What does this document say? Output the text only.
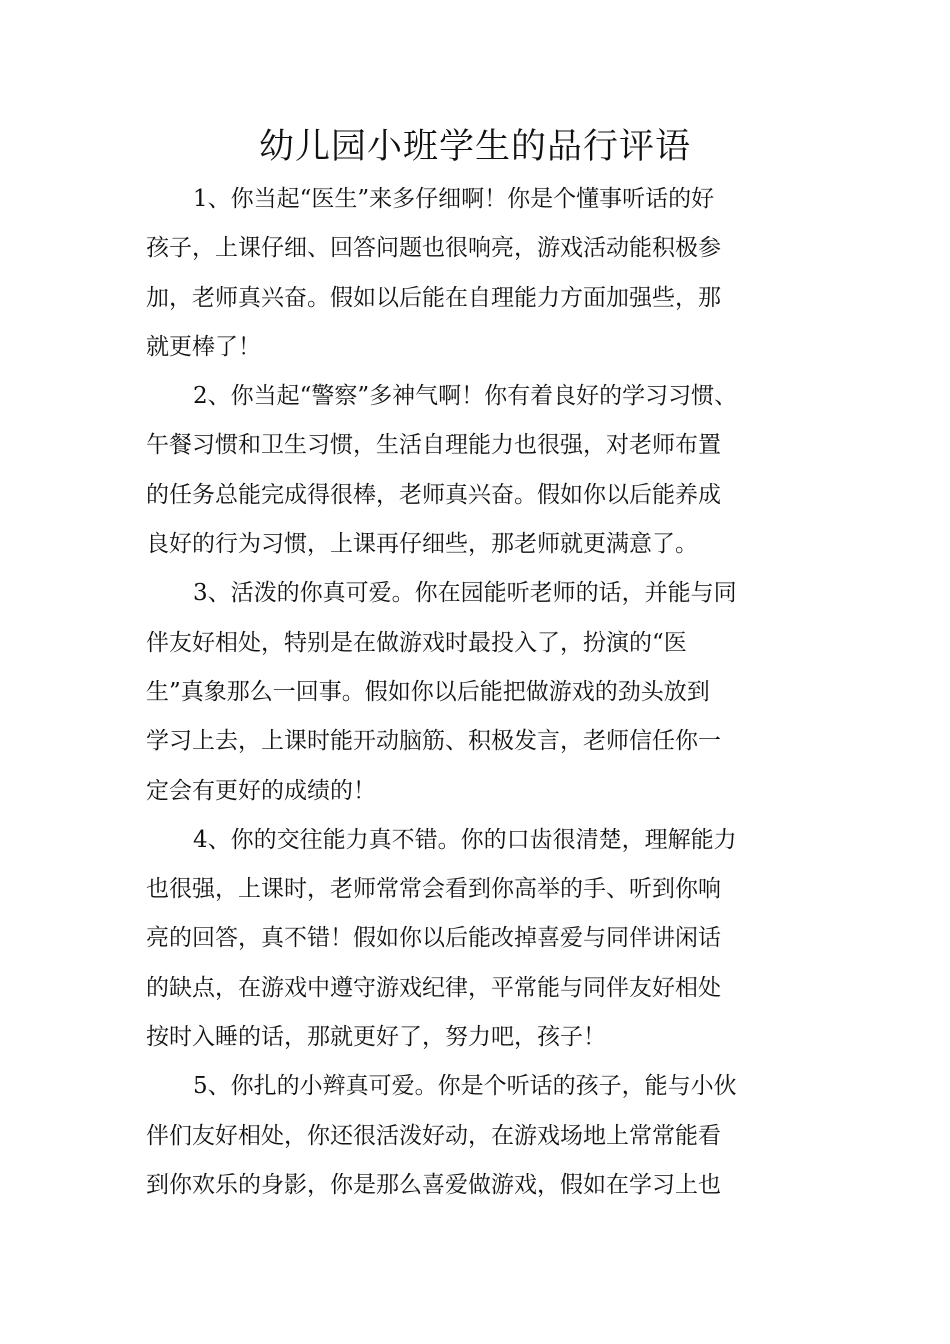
幼儿园小班学生的品行评语
1、你当起“医生”来多仔细啊！你是个懂事听话的好
孩子，上课仔细、回答问题也很响亮，游戏活动能积极参
加，老师真兴奋。假如以后能在自理能力方面加强些，那
就更棒了！
2、你当起“警察”多神气啊！你有着良好的学习习惯、
午餐习惯和卫生习惯，生活自理能力也很强，对老师布置
的任务总能完成得很棒，老师真兴奋。假如你以后能养成
良好的行为习惯，上课再仔细些，那老师就更满意了。
3、活泼的你真可爱。你在园能听老师的话，并能与同
伴友好相处，特别是在做游戏时最投入了，扮演的“医
生”真象那么一回事。假如你以后能把做游戏的劲头放到
学习上去，上课时能开动脑筋、积极发言，老师信任你一
定会有更好的成绩的！
4、你的交往能力真不错。你的口齿很清楚，理解能力
也很强，上课时，老师常常会看到你高举的手、听到你响
亮的回答，真不错！假如你以后能改掉喜爱与同伴讲闲话
的缺点，在游戏中遵守游戏纪律，平常能与同伴友好相处
按时入睡的话，那就更好了，努力吧，孩子！
5、你扎的小辫真可爱。你是个听话的孩子，能与小伙
伴们友好相处，你还很活泼好动，在游戏场地上常常能看
到你欢乐的身影，你是那么喜爱做游戏，假如在学习上也
